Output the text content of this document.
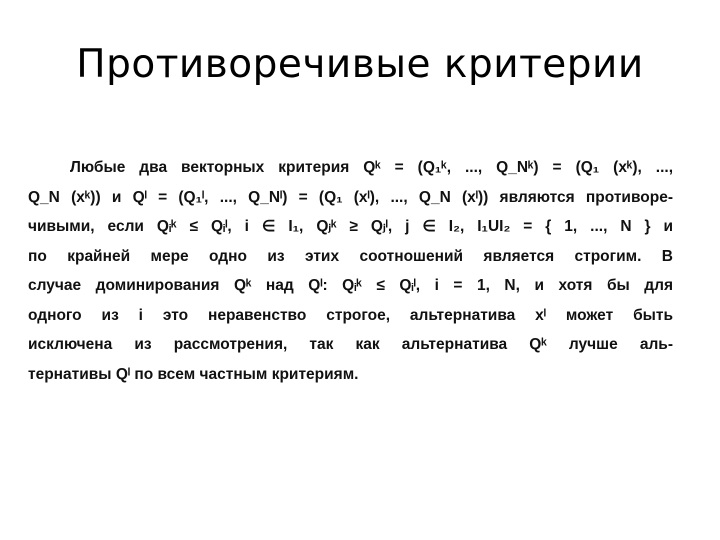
Противоречивые критерии
Любые два векторных критерия Qᵏ = (Q₁ᵏ, ..., Q_Nᵏ) = (Q₁ (xᵏ), ...,
Q_N (xᵏ)) и Qˡ = (Q₁ˡ, ..., Q_Nˡ) = (Q₁ (xˡ), ..., Q_N (xˡ)) являются противоре-
чивыми, если Qᵢᵏ ≤ Qᵢˡ, i ∈ I₁, Qⱼᵏ ≥ Qⱼˡ, j ∈ I₂, I₁UI₂ = { 1, ..., N } и
по крайней мере одно из этих соотношений является строгим. В
случае доминирования Qᵏ над Qˡ: Qᵢᵏ ≤ Qᵢˡ, i = 1, N, и хотя бы для
одного из i это неравенство строгое, альтернатива xˡ может быть
исключена из рассмотрения, так как альтернатива Qᵏ лучше аль-
тернативы Qˡ по всем частным критериям.
